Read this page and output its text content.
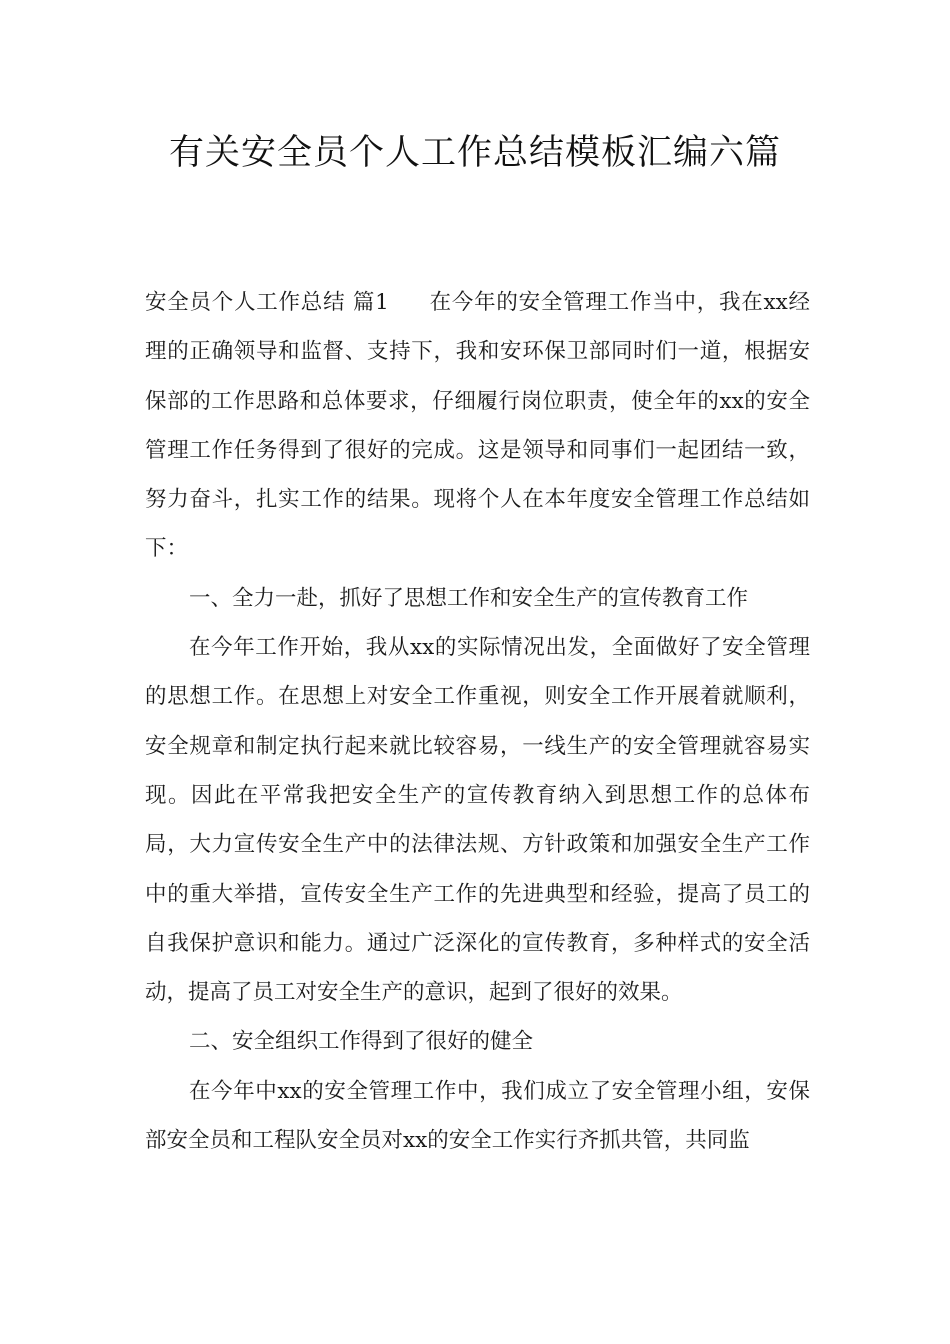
有关安全员个人工作总结模板汇编六篇

安全员个人工作总结 篇1 在今年的安全管理工作当中，我在xx经理的正确领导和监督、支持下，我和安环保卫部同时们一道，根据安保部的工作思路和总体要求，仔细履行岗位职责，使全年的xx的安全管理工作任务得到了很好的完成。这是领导和同事们一起团结一致，努力奋斗，扎实工作的结果。现将个人在本年度安全管理工作总结如下：

一、全力一赴，抓好了思想工作和安全生产的宣传教育工作

在今年工作开始，我从xx的实际情况出发，全面做好了安全管理的思想工作。在思想上对安全工作重视，则安全工作开展着就顺利，安全规章和制定执行起来就比较容易，一线生产的安全管理就容易实现。因此在平常我把安全生产的宣传教育纳入到思想工作的总体布局，大力宣传安全生产中的法律法规、方针政策和加强安全生产工作中的重大举措，宣传安全生产工作的先进典型和经验，提高了员工的自我保护意识和能力。通过广泛深化的宣传教育，多种样式的安全活动，提高了员工对安全生产的意识，起到了很好的效果。

二、安全组织工作得到了很好的健全

在今年中xx的安全管理工作中，我们成立了安全管理小组，安保部安全员和工程队安全员对xx的安全工作实行齐抓共管，共同监
